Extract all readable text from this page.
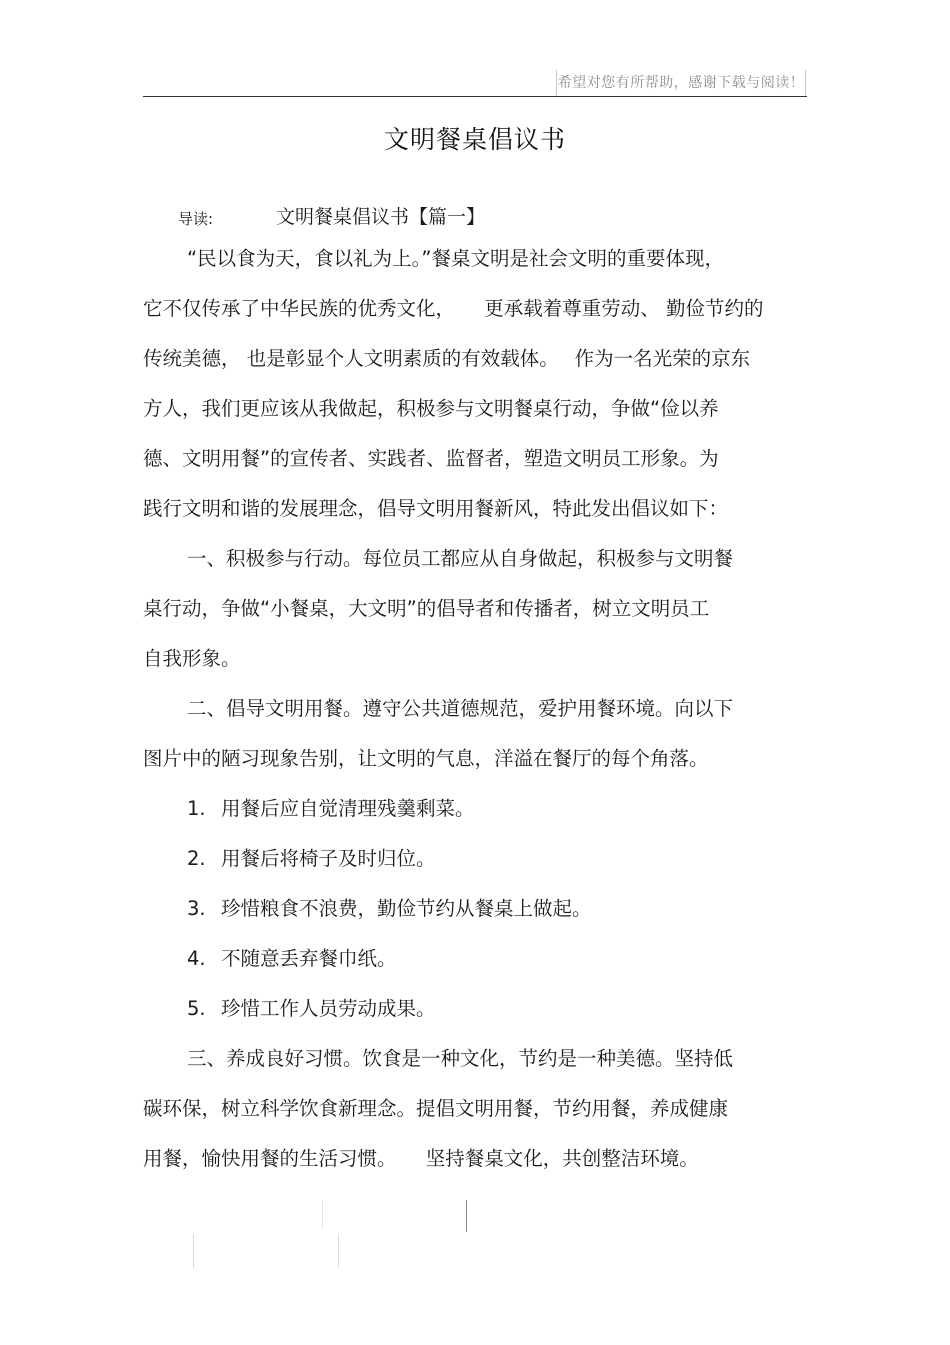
希望对您有所帮助，感谢下载与阅读！
文明餐桌倡议书
导读:	文明餐桌倡议书【篇一】
“民以食为天，食以礼为上。”餐桌文明是社会文明的重要体现，
它不仅传承了中华民族的优秀文化，　　更承载着尊重劳动、 勤俭节约的
传统美德， 也是彰显个人文明素质的有效载体。　 作为一名光荣的京东
方人，我们更应该从我做起，积极参与文明餐桌行动，争做“俭以养
德、文明用餐”的宣传者、实践者、监督者，塑造文明员工形象。为
践行文明和谐的发展理念，倡导文明用餐新风，特此发出倡议如下：
一、积极参与行动。每位员工都应从自身做起，积极参与文明餐
桌行动，争做“小餐桌，大文明”的倡导者和传播者，树立文明员工
自我形象。
二、倡导文明用餐。遵守公共道德规范，爱护用餐环境。向以下
图片中的陋习现象告别，让文明的气息，洋溢在餐厅的每个角落。
1. 用餐后应自觉清理残羹剩菜。
2. 用餐后将椅子及时归位。
3. 珍惜粮食不浪费，勤俭节约从餐桌上做起。
4. 不随意丢弃餐巾纸。
5. 珍惜工作人员劳动成果。
三、养成良好习惯。饮食是一种文化，节约是一种美德。坚持低
碳环保，树立科学饮食新理念。提倡文明用餐，节约用餐，养成健康
用餐，愉快用餐的生活习惯。　　坚持餐桌文化，共创整洁环境。
